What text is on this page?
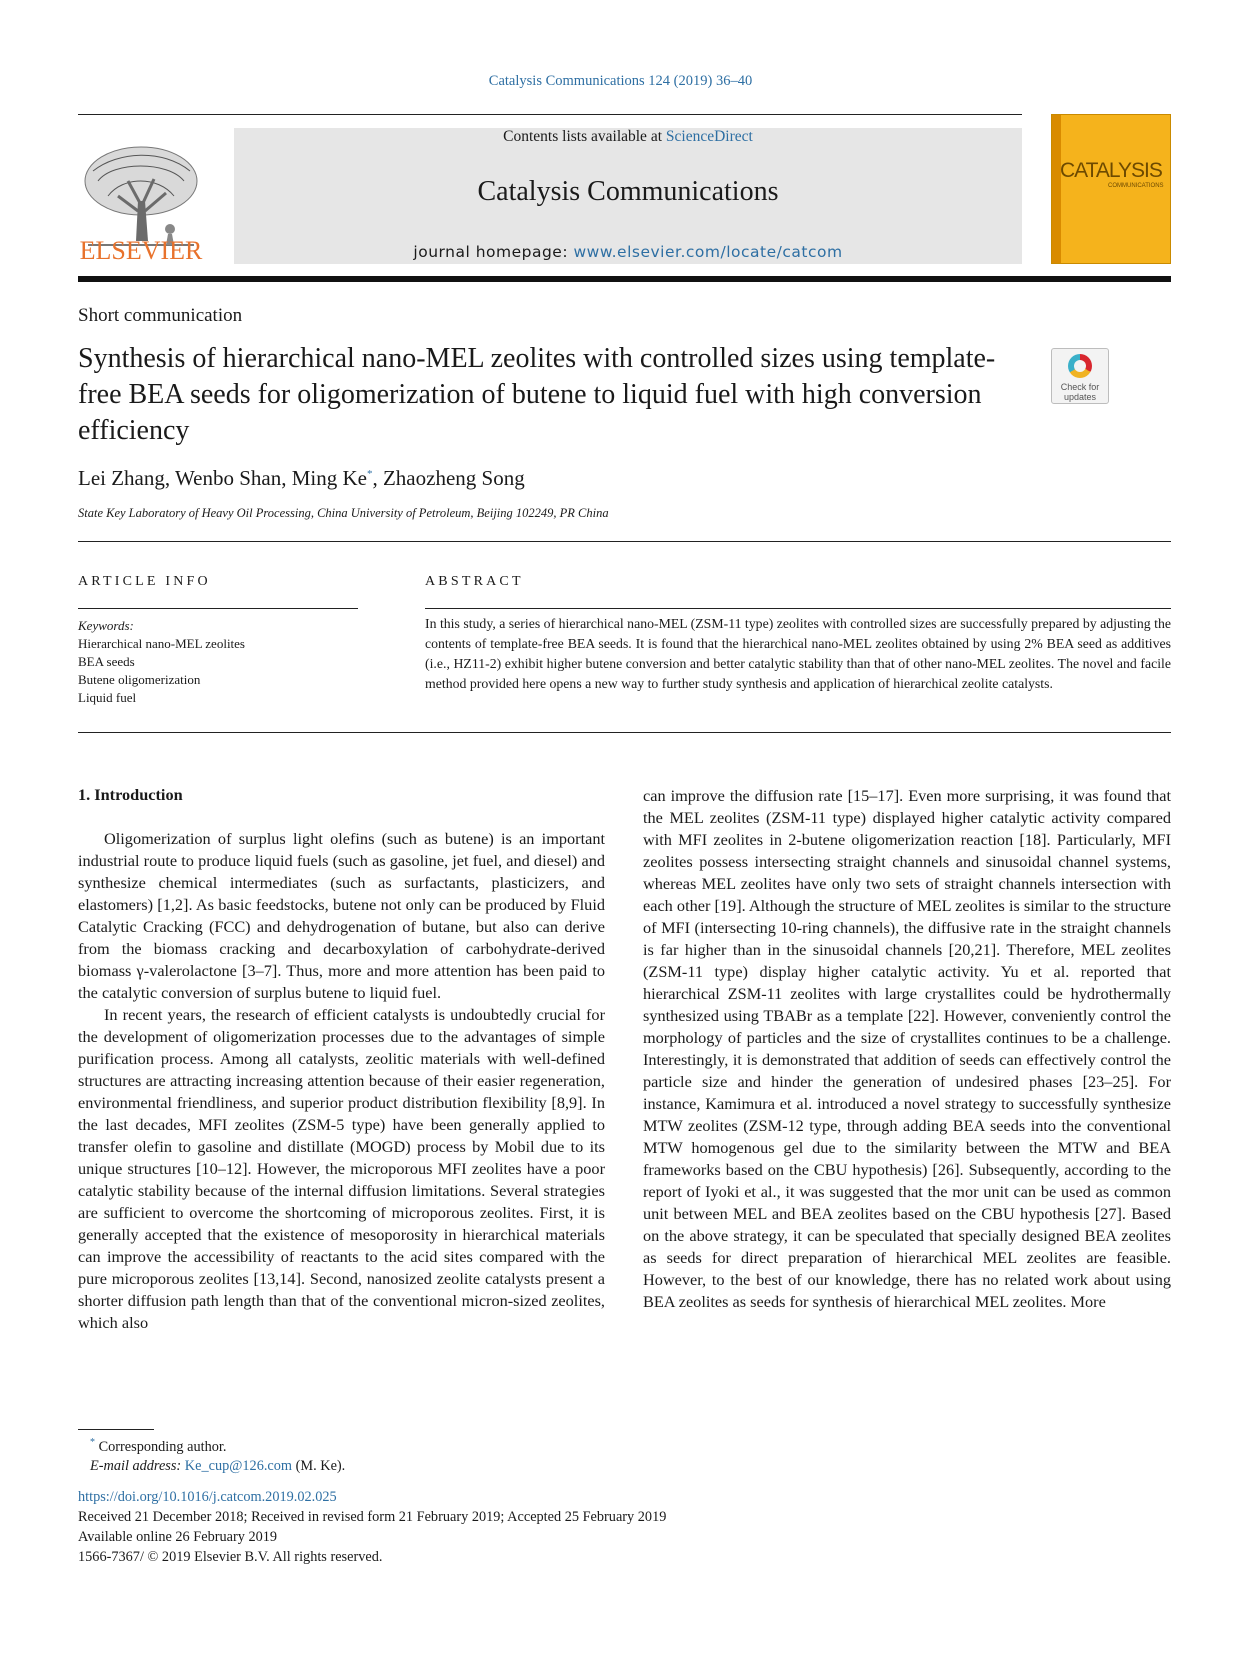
Catalysis Communications 124 (2019) 36–40
ELSEVIER
Contents lists available at ScienceDirect
Catalysis Communications
journal homepage: www.elsevier.com/locate/catcom
CATALYSIS
COMMUNICATIONS
Short communication
Synthesis of hierarchical nano-MEL zeolites with controlled sizes using template-free BEA seeds for oligomerization of butene to liquid fuel with high conversion efficiency
Check for updates
Lei Zhang, Wenbo Shan, Ming Ke*, Zhaozheng Song
State Key Laboratory of Heavy Oil Processing, China University of Petroleum, Beijing 102249, PR China
ARTICLE INFO
Keywords:
Hierarchical nano-MEL zeolites
BEA seeds
Butene oligomerization
Liquid fuel
ABSTRACT
In this study, a series of hierarchical nano-MEL (ZSM-11 type) zeolites with controlled sizes are successfully prepared by adjusting the contents of template-free BEA seeds. It is found that the hierarchical nano-MEL zeolites obtained by using 2% BEA seed as additives (i.e., HZ11-2) exhibit higher butene conversion and better catalytic stability than that of other nano-MEL zeolites. The novel and facile method provided here opens a new way to further study synthesis and application of hierarchical zeolite catalysts.
1. Introduction

Oligomerization of surplus light olefins (such as butene) is an important industrial route to produce liquid fuels (such as gasoline, jet fuel, and diesel) and synthesize chemical intermediates (such as surfactants, plasticizers, and elastomers) [1,2]. As basic feedstocks, butene not only can be produced by Fluid Catalytic Cracking (FCC) and dehydrogenation of butane, but also can derive from the biomass cracking and decarboxylation of carbohydrate-derived biomass γ-valerolactone [3–7]. Thus, more and more attention has been paid to the catalytic conversion of surplus butene to liquid fuel.

In recent years, the research of efficient catalysts is undoubtedly crucial for the development of oligomerization processes due to the advantages of simple purification process. Among all catalysts, zeolitic materials with well-defined structures are attracting increasing attention because of their easier regeneration, environmental friendliness, and superior product distribution flexibility [8,9]. In the last decades, MFI zeolites (ZSM-5 type) have been generally applied to transfer olefin to gasoline and distillate (MOGD) process by Mobil due to its unique structures [10–12]. However, the microporous MFI zeolites have a poor catalytic stability because of the internal diffusion limitations. Several strategies are sufficient to overcome the shortcoming of microporous zeolites. First, it is generally accepted that the existence of mesoporosity in hierarchical materials can improve the accessibility of reactants to the acid sites compared with the pure microporous zeolites [13,14]. Second, nanosized zeolite catalysts present a shorter diffusion path length than that of the conventional micron-sized zeolites, which also

can improve the diffusion rate [15–17]. Even more surprising, it was found that the MEL zeolites (ZSM-11 type) displayed higher catalytic activity compared with MFI zeolites in 2-butene oligomerization reaction [18]. Particularly, MFI zeolites possess intersecting straight channels and sinusoidal channel systems, whereas MEL zeolites have only two sets of straight channels intersection with each other [19]. Although the structure of MEL zeolites is similar to the structure of MFI (intersecting 10-ring channels), the diffusive rate in the straight channels is far higher than in the sinusoidal channels [20,21]. Therefore, MEL zeolites (ZSM-11 type) display higher catalytic activity. Yu et al. reported that hierarchical ZSM-11 zeolites with large crystallites could be hydrothermally synthesized using TBABr as a template [22]. However, conveniently control the morphology of particles and the size of crystallites continues to be a challenge. Interestingly, it is demonstrated that addition of seeds can effectively control the particle size and hinder the generation of undesired phases [23–25]. For instance, Kamimura et al. introduced a novel strategy to successfully synthesize MTW zeolites (ZSM-12 type, through adding BEA seeds into the conventional MTW homogenous gel due to the similarity between the MTW and BEA frameworks based on the CBU hypothesis) [26]. Subsequently, according to the report of Iyoki et al., it was suggested that the mor unit can be used as common unit between MEL and BEA zeolites based on the CBU hypothesis [27]. Based on the above strategy, it can be speculated that specially designed BEA zeolites as seeds for direct preparation of hierarchical MEL zeolites are feasible. However, to the best of our knowledge, there has no related work about using BEA zeolites as seeds for synthesis of hierarchical MEL zeolites. More

* Corresponding author.
E-mail address: Ke_cup@126.com (M. Ke).
https://doi.org/10.1016/j.catcom.2019.02.025
Received 21 December 2018; Received in revised form 21 February 2019; Accepted 25 February 2019
Available online 26 February 2019
1566-7367/ © 2019 Elsevier B.V. All rights reserved.
